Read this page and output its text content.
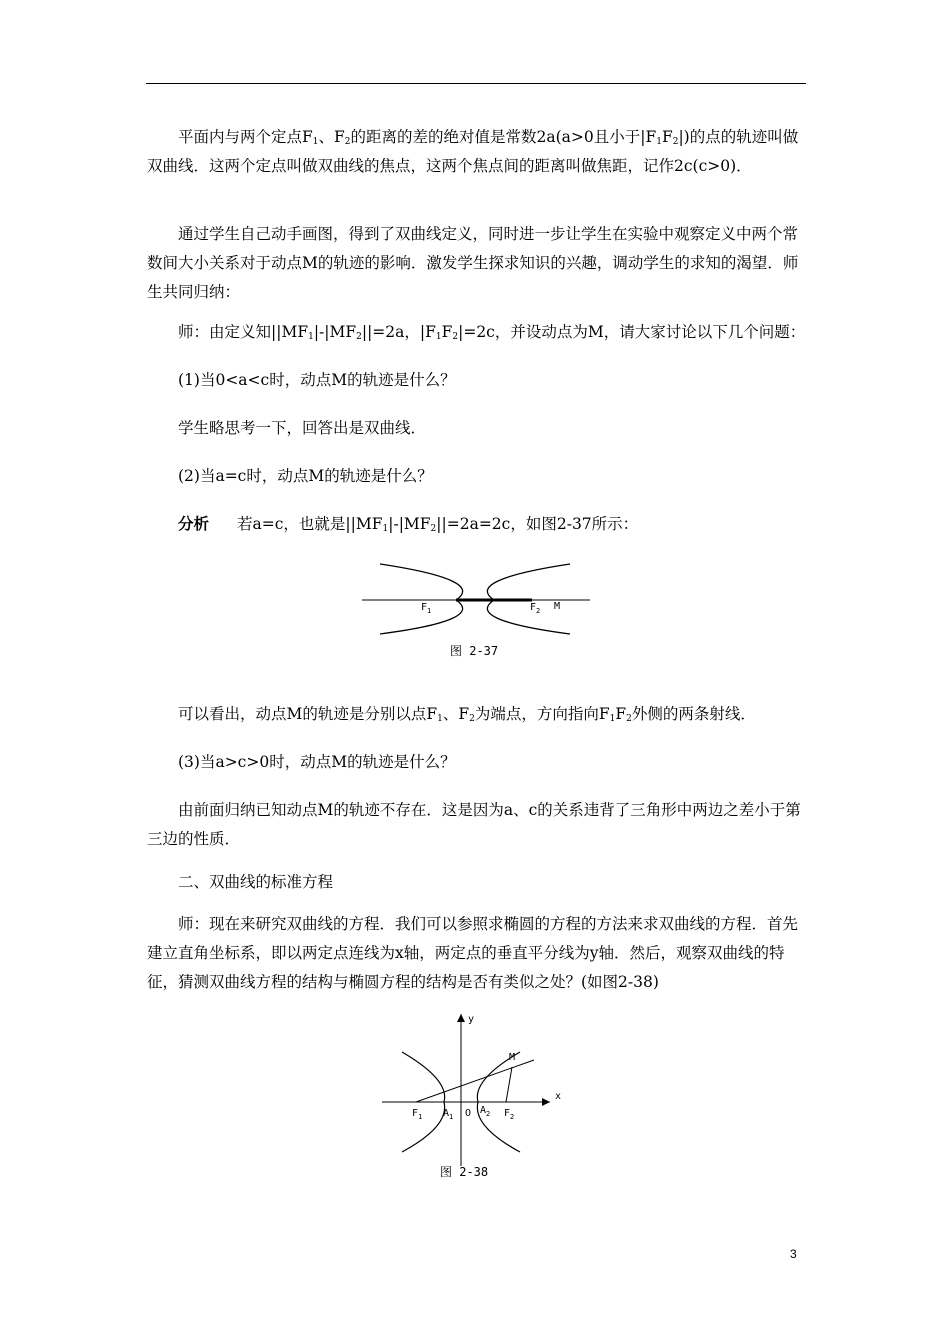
平面内与两个定点$F_1$、$F_2$的距离的差的绝对值是常数2a(a>0且小于$|F_1F_2|$)的点的轨迹叫做双曲线．这两个定点叫做双曲线的焦点，这两个焦点间的距离叫做焦距，记作2c(c>0)．

通过学生自己动手画图，得到了双曲线定义，同时进一步让学生在实验中观察定义中两个常数间大小关系对于动点M的轨迹的影响．激发学生探求知识的兴趣，调动学生的求知的渴望．师生共同归纳：

师：由定义知$||MF_1|-|MF_2||=2a$，$|F_1F_2|=2c$，并设动点为M，请大家讨论以下几个问题：

(1)当0<a<c时，动点M的轨迹是什么？

学生略思考一下，回答出是双曲线．

(2)当a=c时，动点M的轨迹是什么？

分析 若a=c，也就是$||MF_1|-|MF_2||=2a=2c$，如图2-37所示：

$F_1$	$F_2$ M
图 2-37

可以看出，动点M的轨迹是分别以点$F_1$、$F_2$为端点，方向指向$F_1F_2$外侧的两条射线．

(3)当a>c>0时，动点M的轨迹是什么？

由前面归纳已知动点M的轨迹不存在．这是因为a、c的关系违背了三角形中两边之差小于第三边的性质．

二、双曲线的标准方程

师：现在来研究双曲线的方程．我们可以参照求椭圆的方程的方法来求双曲线的方程．首先建立直角坐标系，即以两定点连线为x轴，两定点的垂直平分线为y轴．然后，观察双曲线的特征，猜测双曲线方程的结构与椭圆方程的结构是否有类似之处？(如图2-38)

M
x
y
$F_1$ $A_1$ O $A_2$ $F_2$
图 2-38
3
